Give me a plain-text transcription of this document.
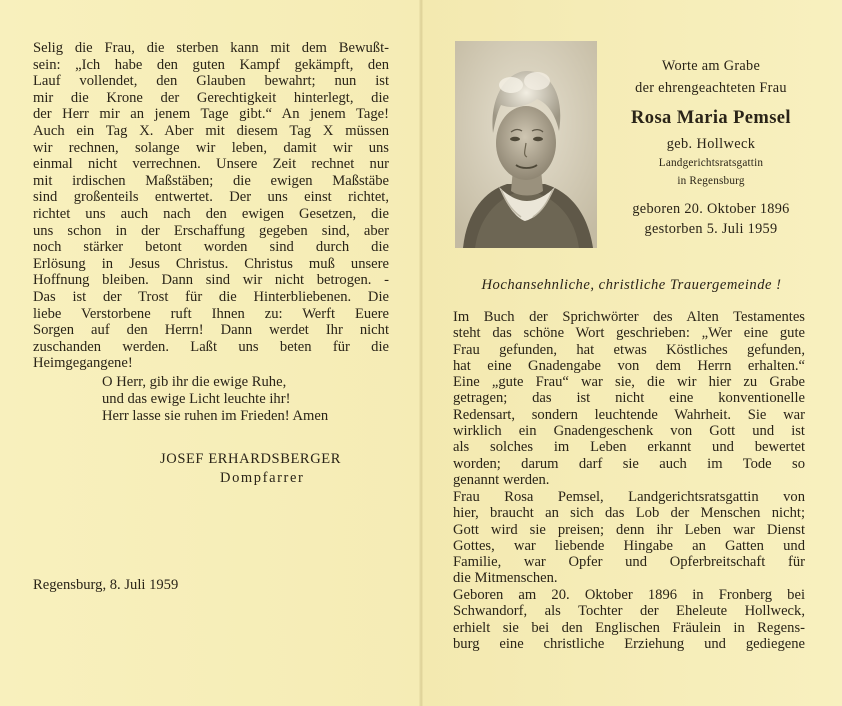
Selig die Frau, die sterben kann mit dem Bewußt-
sein: „Ich habe den guten Kampf gekämpft, den
Lauf vollendet, den Glauben bewahrt; nun ist
mir die Krone der Gerechtigkeit hinterlegt, die
der Herr mir an jenem Tage gibt.“ An jenem Tage!
Auch ein Tag X. Aber mit diesem Tag X müssen
wir rechnen, solange wir leben, damit wir uns
einmal nicht verrechnen. Unsere Zeit rechnet nur
mit irdischen Maßstäben; die ewigen Maßstäbe
sind großenteils entwertet. Der uns einst richtet,
richtet uns auch nach den ewigen Gesetzen, die
uns schon in der Erschaffung gegeben sind, aber
noch stärker betont worden sind durch die
Erlösung in Jesus Christus. Christus muß unsere
Hoffnung bleiben. Dann sind wir nicht betrogen. -
Das ist der Trost für die Hinterbliebenen. Die
liebe Verstorbene ruft Ihnen zu: Werft Euere
Sorgen auf den Herrn! Dann werdet Ihr nicht
zuschanden werden. Laßt uns beten für die
Heimgegangene!
O Herr, gib ihr die ewige Ruhe,
und das ewige Licht leuchte ihr!
Herr lasse sie ruhen im Frieden! Amen
JOSEF ERHARDSBERGER
Dompfarrer
Regensburg, 8. Juli 1959
Worte am Grabe
der ehrengeachteten Frau
Rosa Maria Pemsel
geb. Hollweck
Landgerichtsratsgattin
in Regensburg
geboren 20. Oktober 1896
gestorben 5. Juli 1959
Hochansehnliche, christliche Trauergemeinde !
Im Buch der Sprichwörter des Alten Testamentes
steht das schöne Wort geschrieben: „Wer eine gute
Frau gefunden, hat etwas Köstliches gefunden,
hat eine Gnadengabe von dem Herrn erhalten.“
Eine „gute Frau“ war sie, die wir hier zu Grabe
getragen; das ist nicht eine konventionelle
Redensart, sondern leuchtende Wahrheit. Sie war
wirklich ein Gnadengeschenk von Gott und ist
als solches im Leben erkannt und bewertet
worden; darum darf sie auch im Tode so
genannt werden.
Frau Rosa Pemsel, Landgerichtsratsgattin von
hier, braucht an sich das Lob der Menschen nicht;
Gott wird sie preisen; denn ihr Leben war Dienst
Gottes, war liebende Hingabe an Gatten und
Familie, war Opfer und Opferbreitschaft für
die Mitmenschen.
Geboren am 20. Oktober 1896 in Fronberg bei
Schwandorf, als Tochter der Eheleute Hollweck,
erhielt sie bei den Englischen Fräulein in Regens-
burg eine christliche Erziehung und gediegene
